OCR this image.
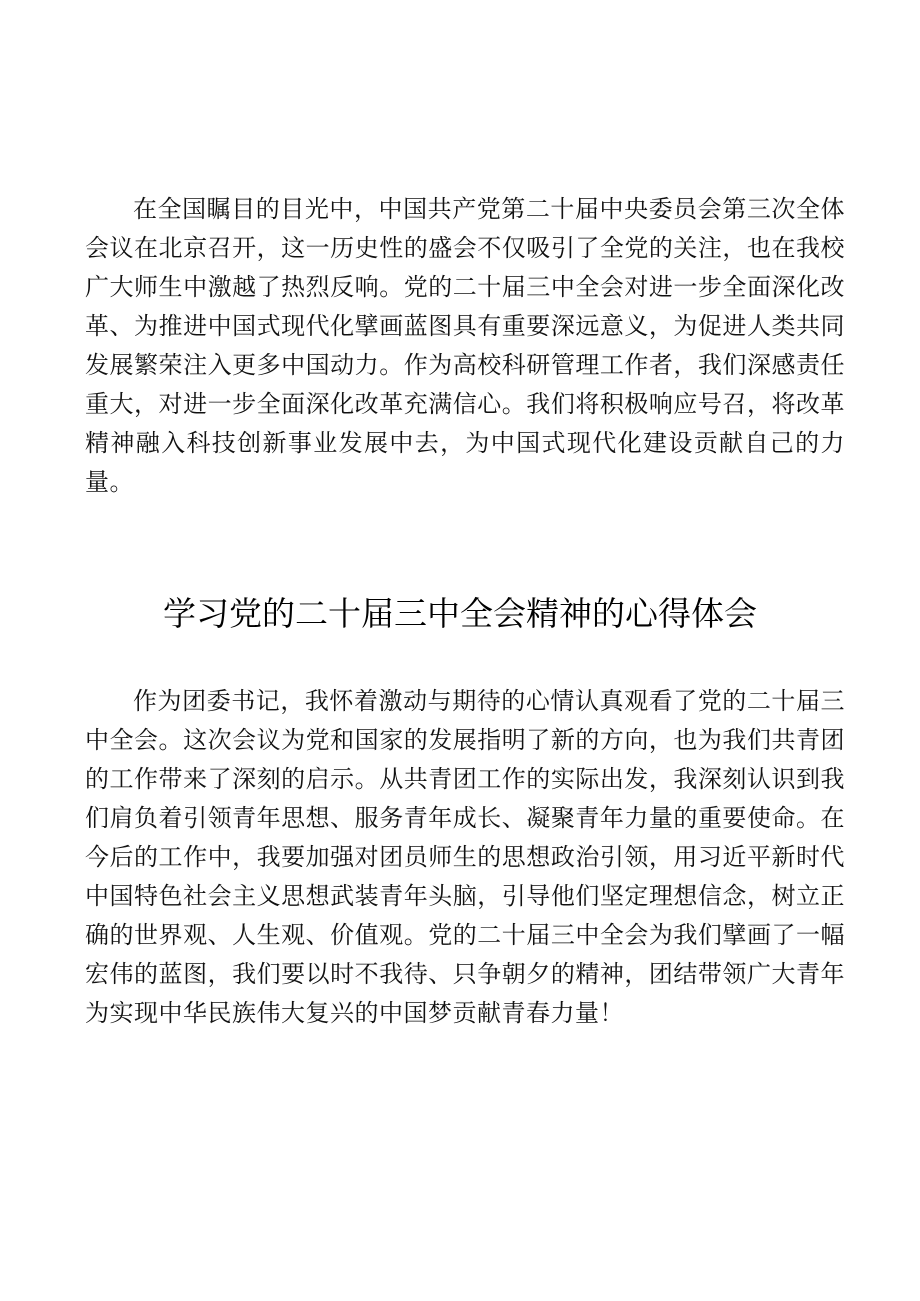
在全国瞩目的目光中，中国共产党第二十届中央委员会第三次全体会议在北京召开，这一历史性的盛会不仅吸引了全党的关注，也在我校广大师生中激越了热烈反响。党的二十届三中全会对进一步全面深化改革、为推进中国式现代化擘画蓝图具有重要深远意义，为促进人类共同发展繁荣注入更多中国动力。作为高校科研管理工作者，我们深感责任重大，对进一步全面深化改革充满信心。我们将积极响应号召，将改革精神融入科技创新事业发展中去，为中国式现代化建设贡献自己的力量。

学习党的二十届三中全会精神的心得体会

作为团委书记，我怀着激动与期待的心情认真观看了党的二十届三中全会。这次会议为党和国家的发展指明了新的方向，也为我们共青团的工作带来了深刻的启示。从共青团工作的实际出发，我深刻认识到我们肩负着引领青年思想、服务青年成长、凝聚青年力量的重要使命。在今后的工作中，我要加强对团员师生的思想政治引领，用习近平新时代中国特色社会主义思想武装青年头脑，引导他们坚定理想信念，树立正确的世界观、人生观、价值观。党的二十届三中全会为我们擘画了一幅宏伟的蓝图，我们要以时不我待、只争朝夕的精神，团结带领广大青年为实现中华民族伟大复兴的中国梦贡献青春力量！
